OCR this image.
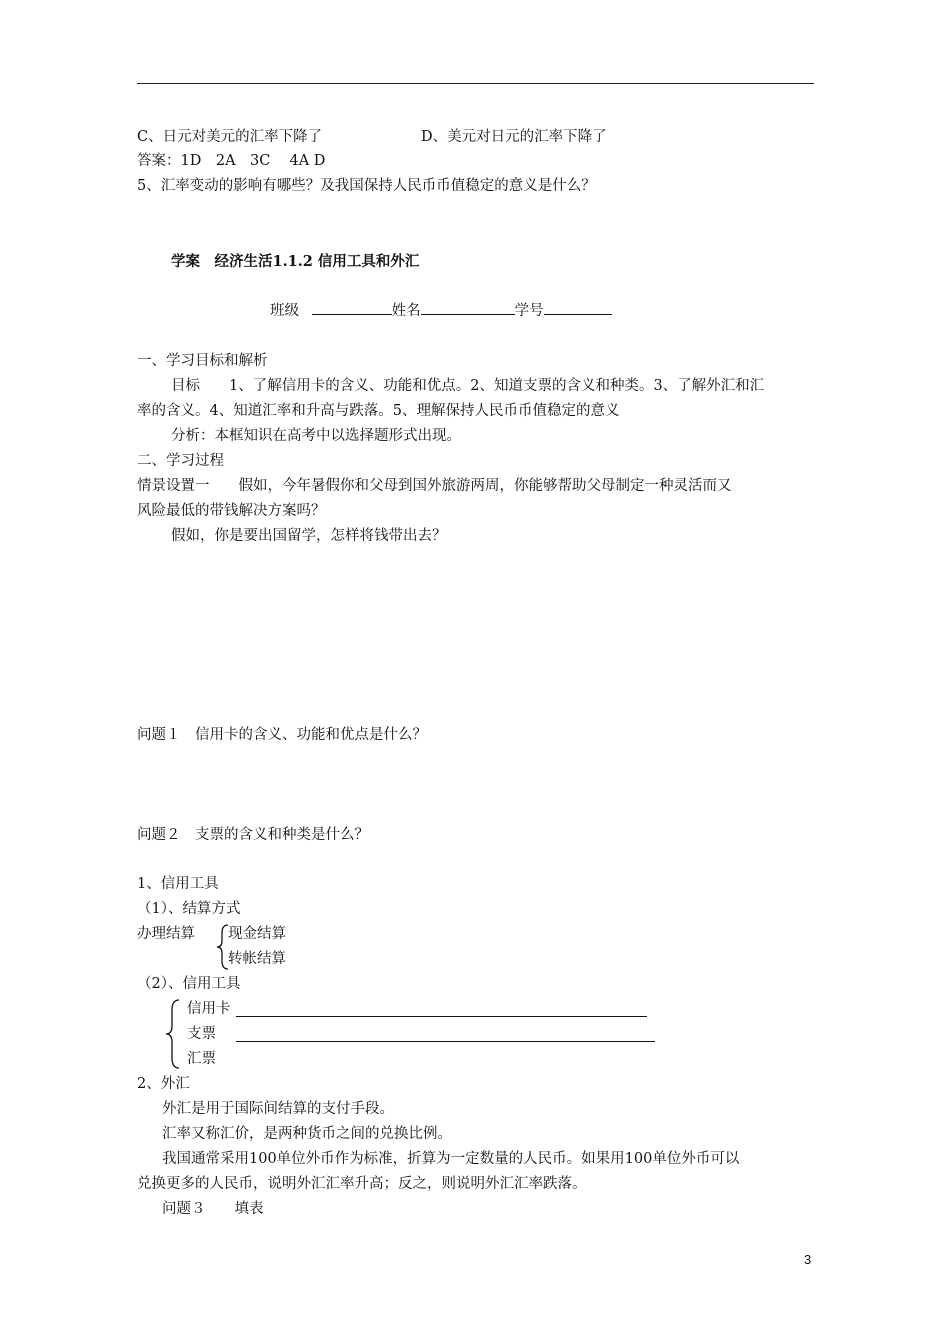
C、日元对美元的汇率下降了	D、美元对日元的汇率下降了
答案：1D　2A　3C　 4A D
5、汇率变动的影响有哪些？及我国保持人民币币值稳定的意义是什么？
学案　经济生活1.1.2 信用工具和外汇
班级	姓名	学号
一、学习目标和解析
目标　　1、了解信用卡的含义、功能和优点。2、知道支票的含义和种类。3、了解外汇和汇
率的含义。4、知道汇率和升高与跌落。5、理解保持人民币币值稳定的意义
分析：本框知识在高考中以选择题形式出现。
二、学习过程
情景设置一　　假如，今年暑假你和父母到国外旅游两周，你能够帮助父母制定一种灵活而又
风险最低的带钱解决方案吗？
假如，你是要出国留学，怎样将钱带出去？
问题１　信用卡的含义、功能和优点是什么？
问题２　支票的含义和种类是什么？
1、信用工具
（1）、结算方式
办理结算 现金结算
转帐结算
（2）、信用工具
信用卡
支票
汇票
2、外汇
外汇是用于国际间结算的支付手段。
汇率又称汇价，是两种货币之间的兑换比例。
我国通常采用100单位外币作为标准，折算为一定数量的人民币。如果用100单位外币可以
兑换更多的人民币，说明外汇汇率升高；反之，则说明外汇汇率跌落。
问题３　　填表
3
